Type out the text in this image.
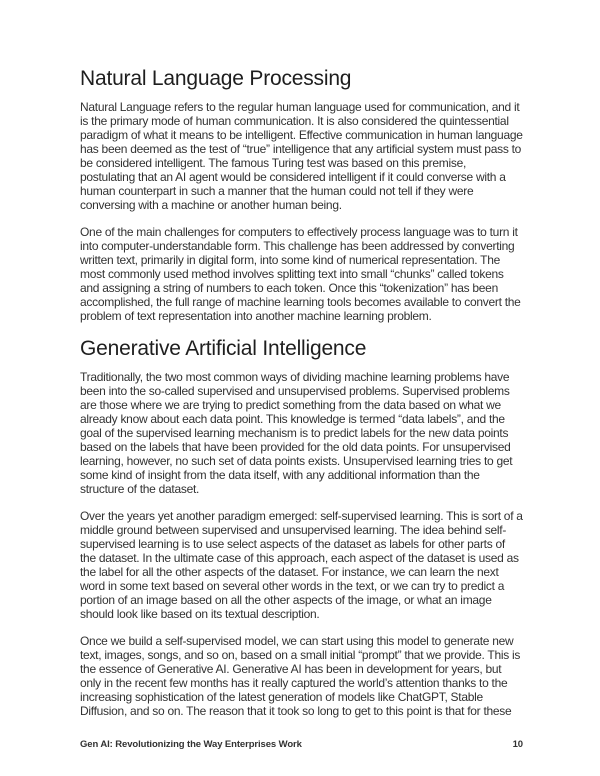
Natural Language Processing

Natural Language refers to the regular human language used for communication, and it is the primary mode of human communication. It is also considered the quintessential paradigm of what it means to be intelligent. Effective communication in human language has been deemed as the test of “true” intelligence that any artificial system must pass to be considered intelligent. The famous Turing test was based on this premise, postulating that an AI agent would be considered intelligent if it could converse with a human counterpart in such a manner that the human could not tell if they were conversing with a machine or another human being.

One of the main challenges for computers to effectively process language was to turn it into computer-understandable form. This challenge has been addressed by converting written text, primarily in digital form, into some kind of numerical representation. The most commonly used method involves splitting text into small “chunks” called tokens and assigning a string of numbers to each token. Once this “tokenization” has been accomplished, the full range of machine learning tools becomes available to convert the problem of text representation into another machine learning problem.

Generative Artificial Intelligence

Traditionally, the two most common ways of dividing machine learning problems have been into the so-called supervised and unsupervised problems. Supervised problems are those where we are trying to predict something from the data based on what we already know about each data point. This knowledge is termed “data labels”, and the goal of the supervised learning mechanism is to predict labels for the new data points based on the labels that have been provided for the old data points. For unsupervised learning, however, no such set of data points exists. Unsupervised learning tries to get some kind of insight from the data itself, with any additional information than the structure of the dataset.

Over the years yet another paradigm emerged: self-supervised learning. This is sort of a middle ground between supervised and unsupervised learning. The idea behind self-supervised learning is to use select aspects of the dataset as labels for other parts of the dataset. In the ultimate case of this approach, each aspect of the dataset is used as the label for all the other aspects of the dataset. For instance, we can learn the next word in some text based on several other words in the text, or we can try to predict a portion of an image based on all the other aspects of the image, or what an image should look like based on its textual description.

Once we build a self-supervised model, we can start using this model to generate new text, images, songs, and so on, based on a small initial “prompt” that we provide. This is the essence of Generative AI. Generative AI has been in development for years, but only in the recent few months has it really captured the world’s attention thanks to the increasing sophistication of the latest generation of models like ChatGPT, Stable Diffusion, and so on. The reason that it took so long to get to this point is that for these

Gen AI: Revolutionizing the Way Enterprises Work	10
